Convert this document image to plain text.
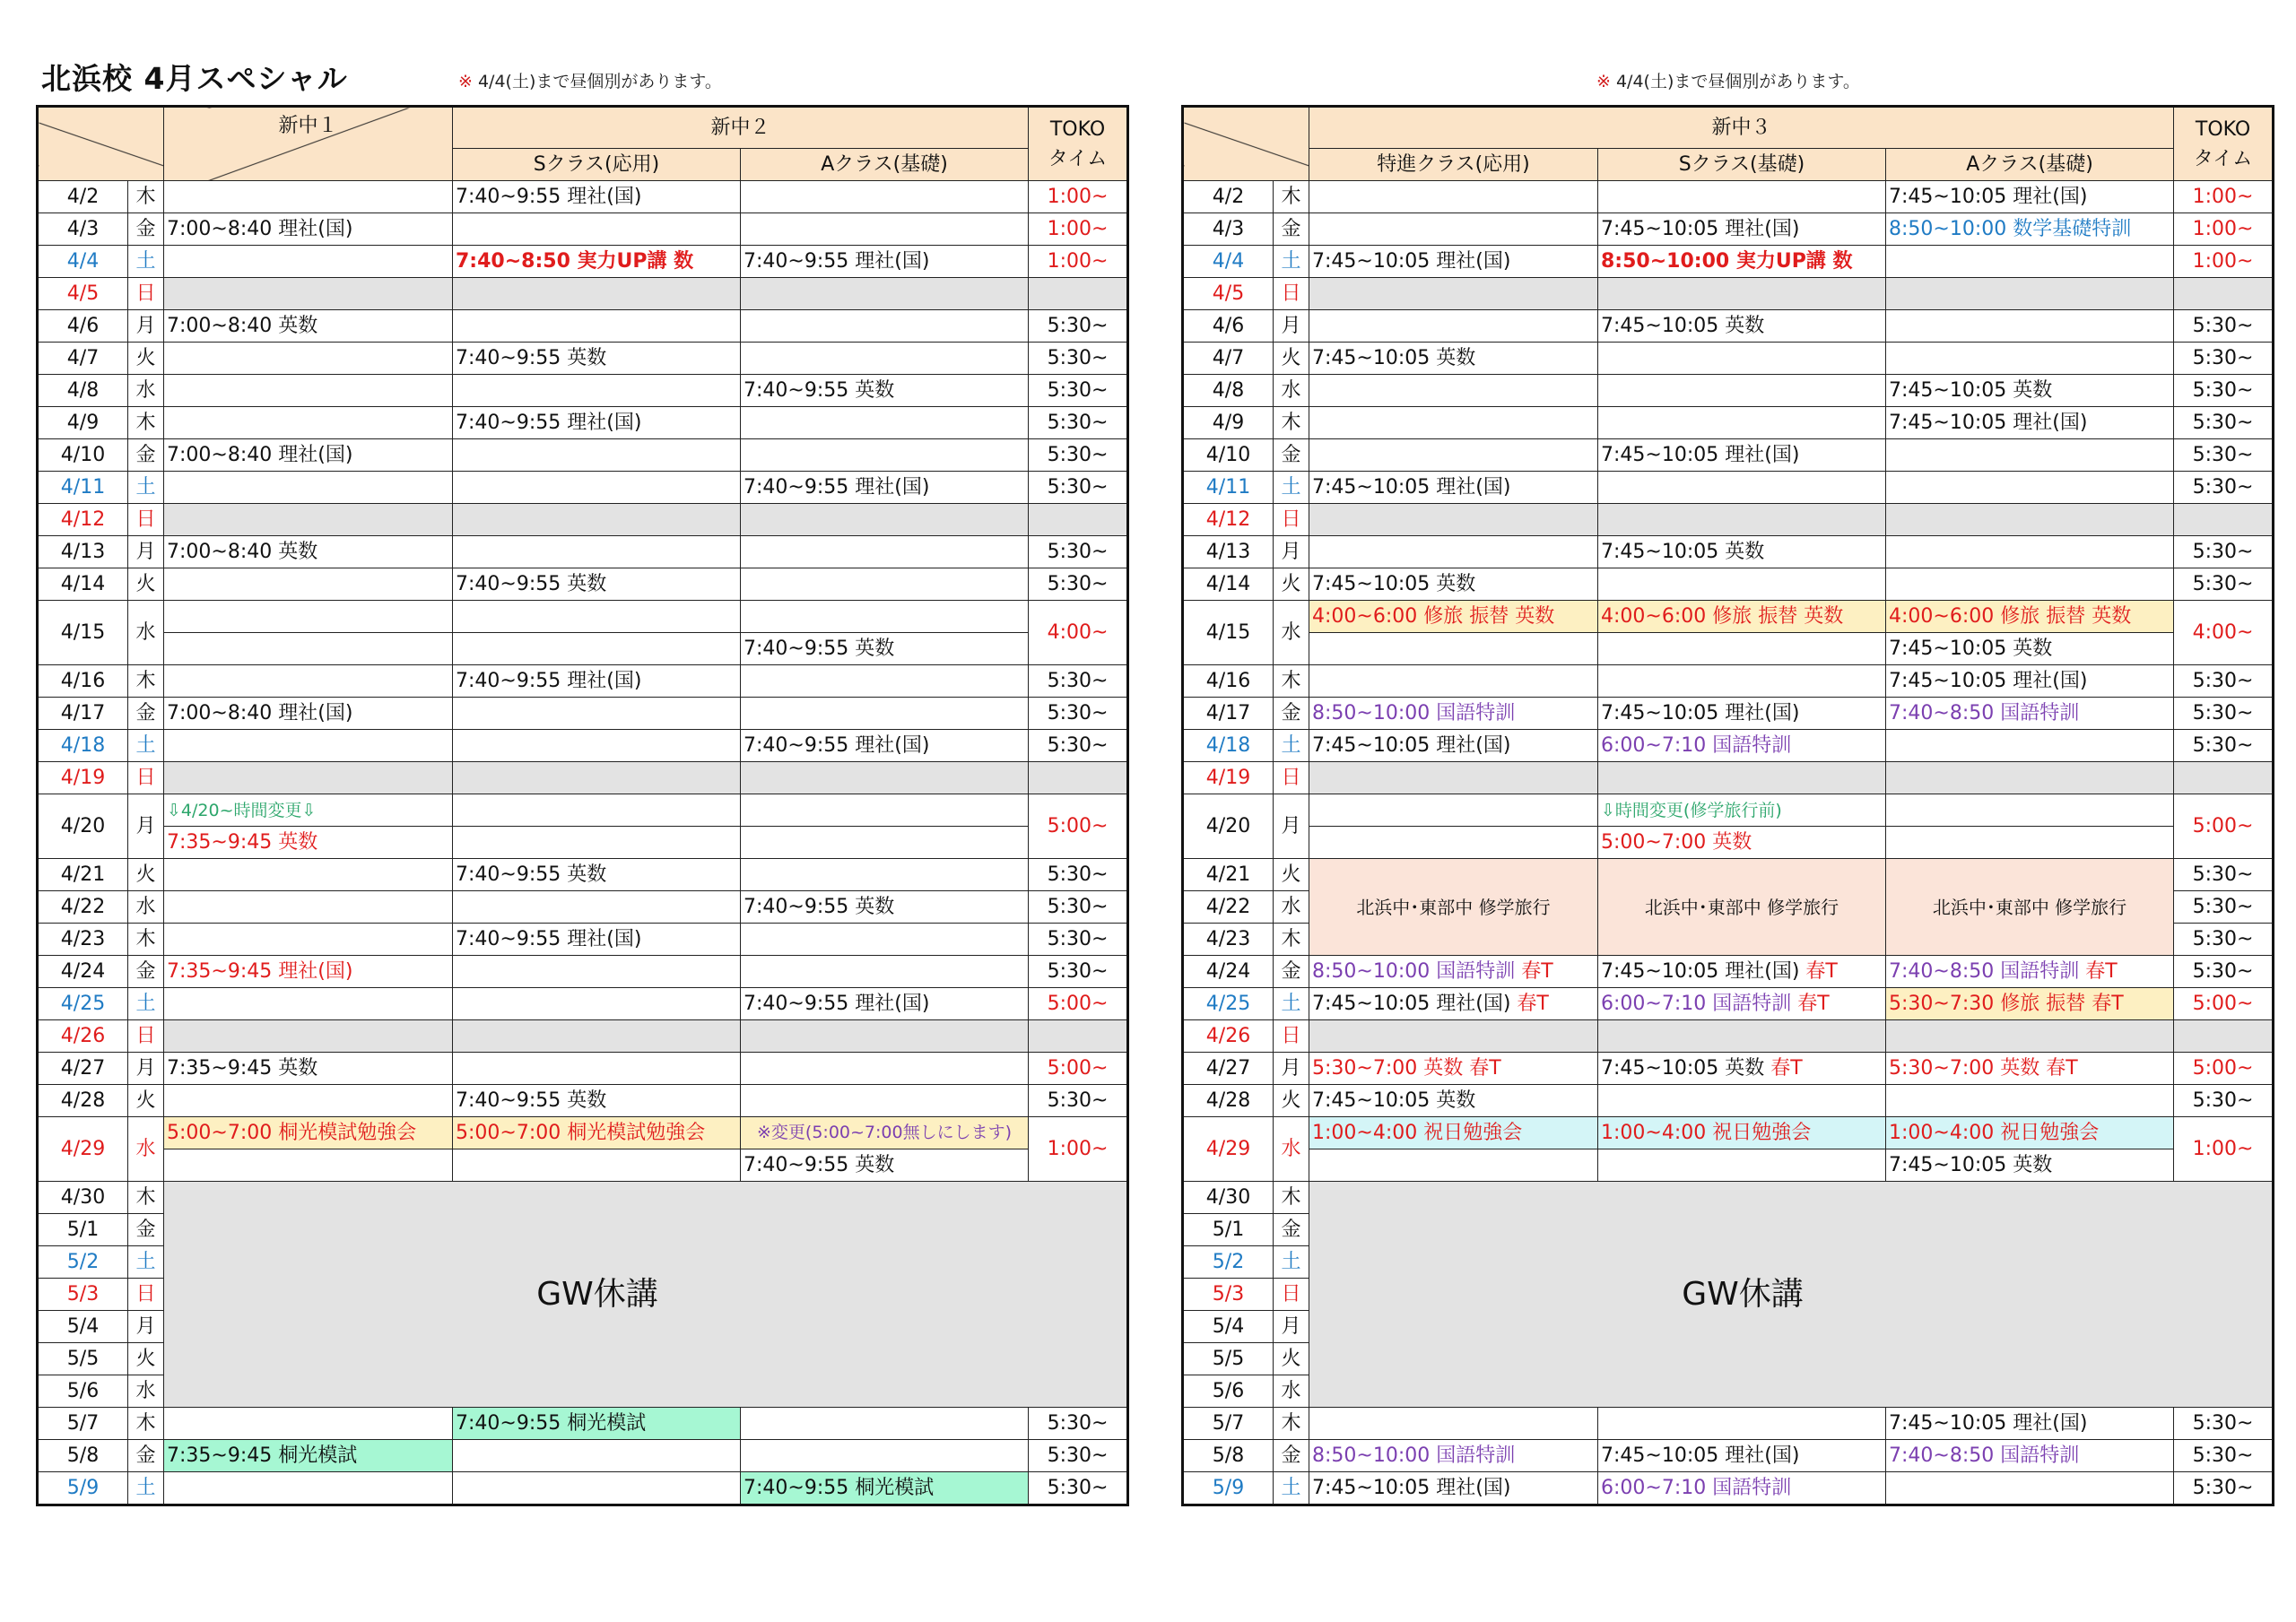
北浜校 4月スペシャル	※ 4/4(土)まで昼個別があります。	※ 4/4(土)まで昼個別があります。
		新中１	新中２		TOKO
タイム
			Sクラス(応用)	Aクラス(基礎)	
4/2	木		7:40~9:55 理社(国)		1:00~
4/3	金	7:00~8:40 理社(国)			1:00~
4/4	土		7:40~8:50 実力UP講 数	7:40~9:55 理社(国)	1:00~
4/5	日				
4/6	月	7:00~8:40 英数			5:30~
4/7	火		7:40~9:55 英数		5:30~
4/8	水			7:40~9:55 英数	5:30~
4/9	木		7:40~9:55 理社(国)		5:30~
4/10	金	7:00~8:40 理社(国)			5:30~
4/11	土			7:40~9:55 理社(国)	5:30~
4/12	日				
4/13	月	7:00~8:40 英数			5:30~
4/14	火		7:40~9:55 英数		5:30~
4/15	水				4:00~
				7:40~9:55 英数	
4/16	木		7:40~9:55 理社(国)		5:30~
4/17	金	7:00~8:40 理社(国)			5:30~
4/18	土			7:40~9:55 理社(国)	5:30~
4/19	日				
4/20	月	⇩4/20~時間変更⇩			5:00~
		7:35~9:45 英数			
4/21	火		7:40~9:55 英数		5:30~
4/22	水			7:40~9:55 英数	5:30~
4/23	木		7:40~9:55 理社(国)		5:30~
4/24	金	7:35~9:45 理社(国)			5:30~
4/25	土			7:40~9:55 理社(国)	5:00~
4/26	日				
4/27	月	7:35~9:45 英数			5:00~
4/28	火		7:40~9:55 英数		5:30~
4/29	水	5:00~7:00 桐光模試勉強会	5:00~7:00 桐光模試勉強会	※変更(5:00~7:00無しにします)	1:00~
				7:40~9:55 英数	
4/30	木	GW休講			
5/1	金				
5/2	土				
5/3	日				
5/4	月				
5/5	火				
5/6	水				
5/7	木		7:40~9:55 桐光模試		5:30~
5/8	金	7:35~9:45 桐光模試			5:30~
5/9	土			7:40~9:55 桐光模試	5:30~
		新中３			TOKO
タイム
		特進クラス(応用)	Sクラス(基礎)	Aクラス(基礎)	
4/2	木			7:45~10:05 理社(国)	1:00~
4/3	金		7:45~10:05 理社(国)	8:50~10:00 数学基礎特訓	1:00~
4/4	土	7:45~10:05 理社(国)	8:50~10:00 実力UP講 数		1:00~
4/5	日				
4/6	月		7:45~10:05 英数		5:30~
4/7	火	7:45~10:05 英数			5:30~
4/8	水			7:45~10:05 英数	5:30~
4/9	木			7:45~10:05 理社(国)	5:30~
4/10	金		7:45~10:05 理社(国)		5:30~
4/11	土	7:45~10:05 理社(国)			5:30~
4/12	日				
4/13	月		7:45~10:05 英数		5:30~
4/14	火	7:45~10:05 英数			5:30~
4/15	水	4:00~6:00 修旅 振替 英数	4:00~6:00 修旅 振替 英数	4:00~6:00 修旅 振替 英数	4:00~
				7:45~10:05 英数	
4/16	木			7:45~10:05 理社(国)	5:30~
4/17	金	8:50~10:00 国語特訓	7:45~10:05 理社(国)	7:40~8:50 国語特訓	5:30~
4/18	土	7:45~10:05 理社(国)	6:00~7:10 国語特訓		5:30~
4/19	日				
4/20	月		⇩時間変更(修学旅行前)		5:00~
			5:00~7:00 英数		
4/21	火	北浜中･東部中 修学旅行	北浜中･東部中 修学旅行	北浜中･東部中 修学旅行	5:30~
4/22	水				5:30~
4/23	木				5:30~
4/24	金	8:50~10:00 国語特訓 春T	7:45~10:05 理社(国) 春T	7:40~8:50 国語特訓 春T	5:30~
4/25	土	7:45~10:05 理社(国) 春T	6:00~7:10 国語特訓 春T	5:30~7:30 修旅 振替 春T	5:00~
4/26	日				
4/27	月	5:30~7:00 英数 春T	7:45~10:05 英数 春T	5:30~7:00 英数 春T	5:00~
4/28	火	7:45~10:05 英数			5:30~
4/29	水	1:00~4:00 祝日勉強会	1:00~4:00 祝日勉強会	1:00~4:00 祝日勉強会	1:00~
				7:45~10:05 英数	
4/30	木	GW休講			
5/1	金				
5/2	土				
5/3	日				
5/4	月				
5/5	火				
5/6	水				
5/7	木			7:45~10:05 理社(国)	5:30~
5/8	金	8:50~10:00 国語特訓	7:45~10:05 理社(国)	7:40~8:50 国語特訓	5:30~
5/9	土	7:45~10:05 理社(国)	6:00~7:10 国語特訓		5:30~
